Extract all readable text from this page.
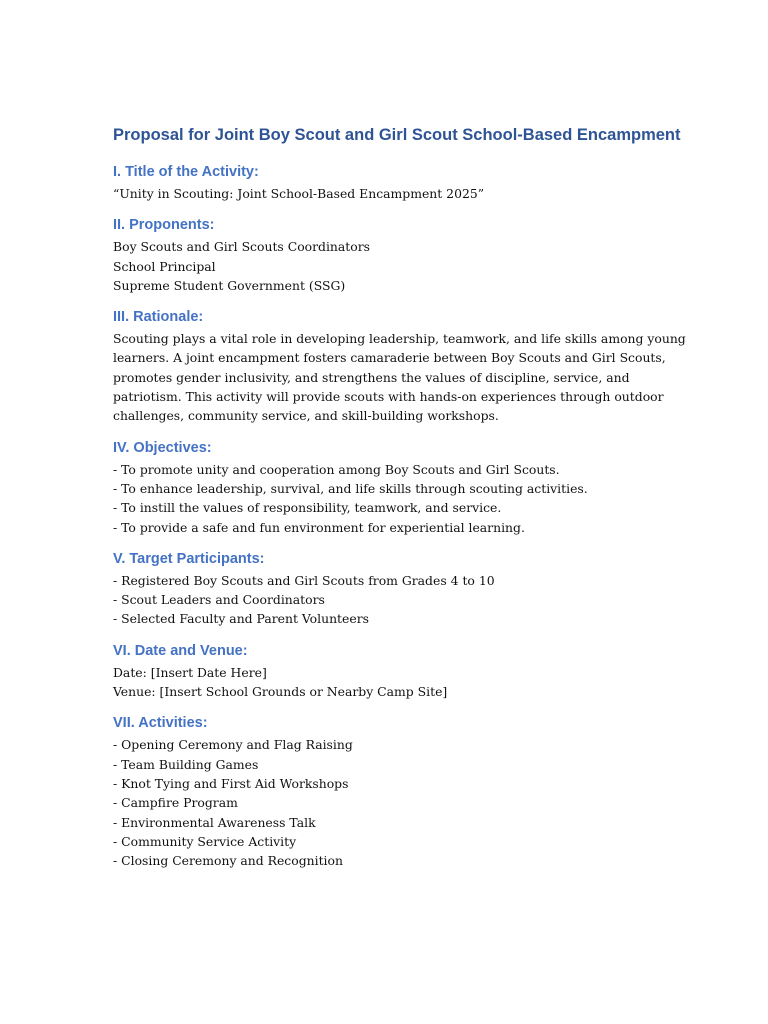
Proposal for Joint Boy Scout and Girl Scout School-Based Encampment
I. Title of the Activity:

“Unity in Scouting: Joint School-Based Encampment 2025”

II. Proponents:

Boy Scouts and Girl Scouts Coordinators

School Principal

Supreme Student Government (SSG)

III. Rationale:

Scouting plays a vital role in developing leadership, teamwork, and life skills among young

learners. A joint encampment fosters camaraderie between Boy Scouts and Girl Scouts,

promotes gender inclusivity, and strengthens the values of discipline, service, and

patriotism. This activity will provide scouts with hands-on experiences through outdoor

challenges, community service, and skill-building workshops.

IV. Objectives:

- To promote unity and cooperation among Boy Scouts and Girl Scouts.

- To enhance leadership, survival, and life skills through scouting activities.

- To instill the values of responsibility, teamwork, and service.

- To provide a safe and fun environment for experiential learning.

V. Target Participants:

- Registered Boy Scouts and Girl Scouts from Grades 4 to 10

- Scout Leaders and Coordinators

- Selected Faculty and Parent Volunteers

VI. Date and Venue:

Date: [Insert Date Here]

Venue: [Insert School Grounds or Nearby Camp Site]

VII. Activities:

- Opening Ceremony and Flag Raising

- Team Building Games

- Knot Tying and First Aid Workshops

- Campfire Program

- Environmental Awareness Talk

- Community Service Activity

- Closing Ceremony and Recognition
